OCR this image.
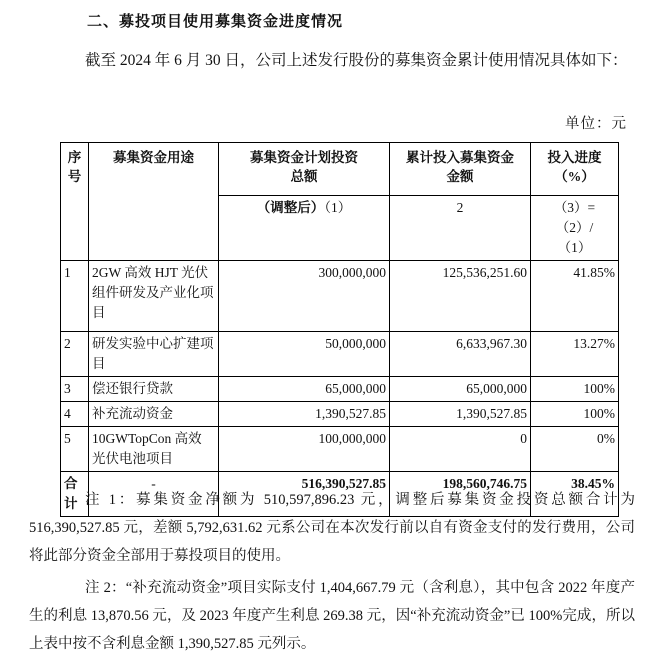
二、募投项目使用募集资金进度情况
截至 2024 年 6 月 30 日，公司上述发行股份的募集资金累计使用情况具体如下：
单位：元
序号	募集资金用途	募集资金计划投资总额	累计投入募集资金金额	投入进度（%）
		（调整后）（1）	2	（3）=
（2）/
（1）

1	2GW 高效 HJT 光伏组件研发及产业化项目	300,000,000	125,536,251.60	41.85%
2	研发实验中心扩建项目	50,000,000	6,633,967.30	13.27%
3	偿还银行贷款	65,000,000	65,000,000	100%
4	补充流动资金	1,390,527.85	1,390,527.85	100%
5	10GWTopCon 高效光伏电池项目	100,000,000	0	0%
合计	-	516,390,527.85	198,560,746.75	38.45%
注 1：募集资金净额为 510,597,896.23 元，调整后募集资金投资总额合计为 516,390,527.85 元，差额 5,792,631.62 元系公司在本次发行前以自有资金支付的发行费用，公司将此部分资金全部用于募投项目的使用。
注 2：“补充流动资金”项目实际支付 1,404,667.79 元（含利息），其中包含 2022 年度产生的利息 13,870.56 元，及 2023 年度产生利息 269.38 元，因“补充流动资金”已 100%完成，所以上表中按不含利息金额 1,390,527.85 元列示。
